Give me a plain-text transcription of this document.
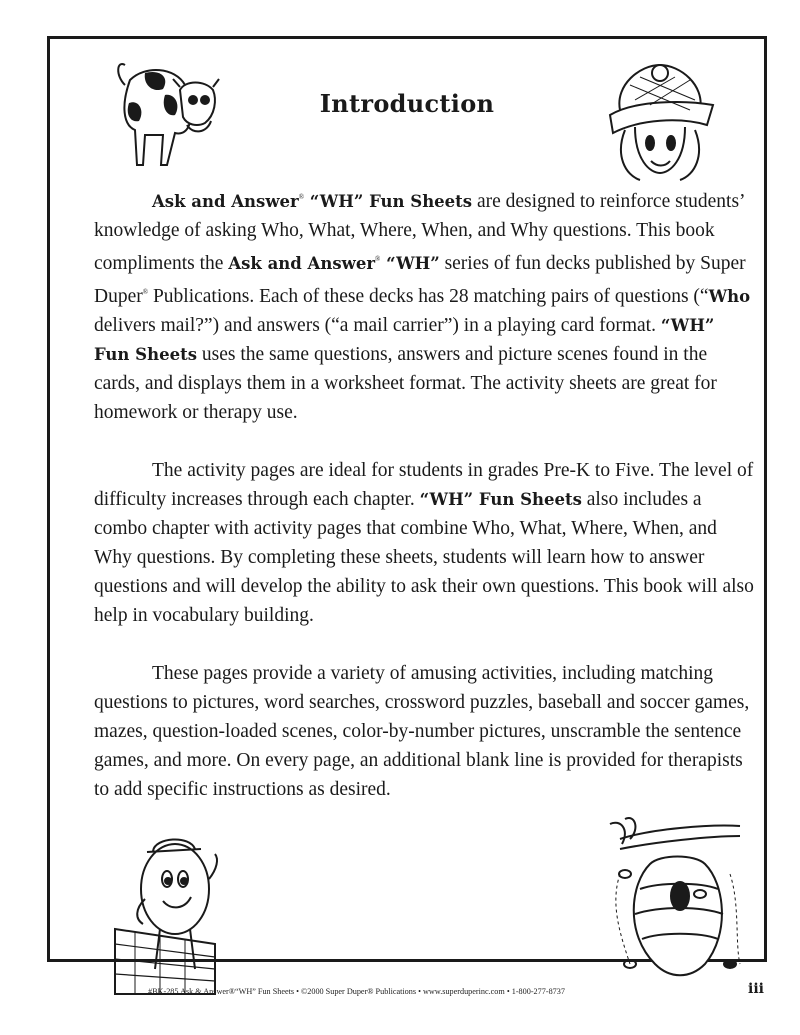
Introduction

Ask and Answer® “WH” Fun Sheets are designed to reinforce students’ knowledge of asking Who, What, Where, When, and Why questions. This book compliments the Ask and Answer® “WH” series of fun decks published by Super Duper® Publications. Each of these decks has 28 matching pairs of questions (“Who delivers mail?”) and answers (“a mail carrier”) in a playing card format. “WH” Fun Sheets uses the same questions, answers and picture scenes found in the cards, and displays them in a worksheet format. The activity sheets are great for homework or therapy use.

The activity pages are ideal for students in grades Pre-K to Five. The level of difficulty increases through each chapter. “WH” Fun Sheets also includes a combo chapter with activity pages that combine Who, What, Where, When, and Why questions. By completing these sheets, students will learn how to answer questions and will develop the ability to ask their own questions. This book will also help in vocabulary building.

These pages provide a variety of amusing activities, including matching questions to pictures, word searches, crossword puzzles, baseball and soccer games, mazes, question-loaded scenes, color-by-number pictures, unscramble the sentence games, and more. On every page, an additional blank line is provided for therapists to add specific instructions as desired.

#BK-285 Ask & Answer®“WH” Fun Sheets • ©2000 Super Duper® Publications • www.superduperinc.com • 1-800-277-8737	iii
